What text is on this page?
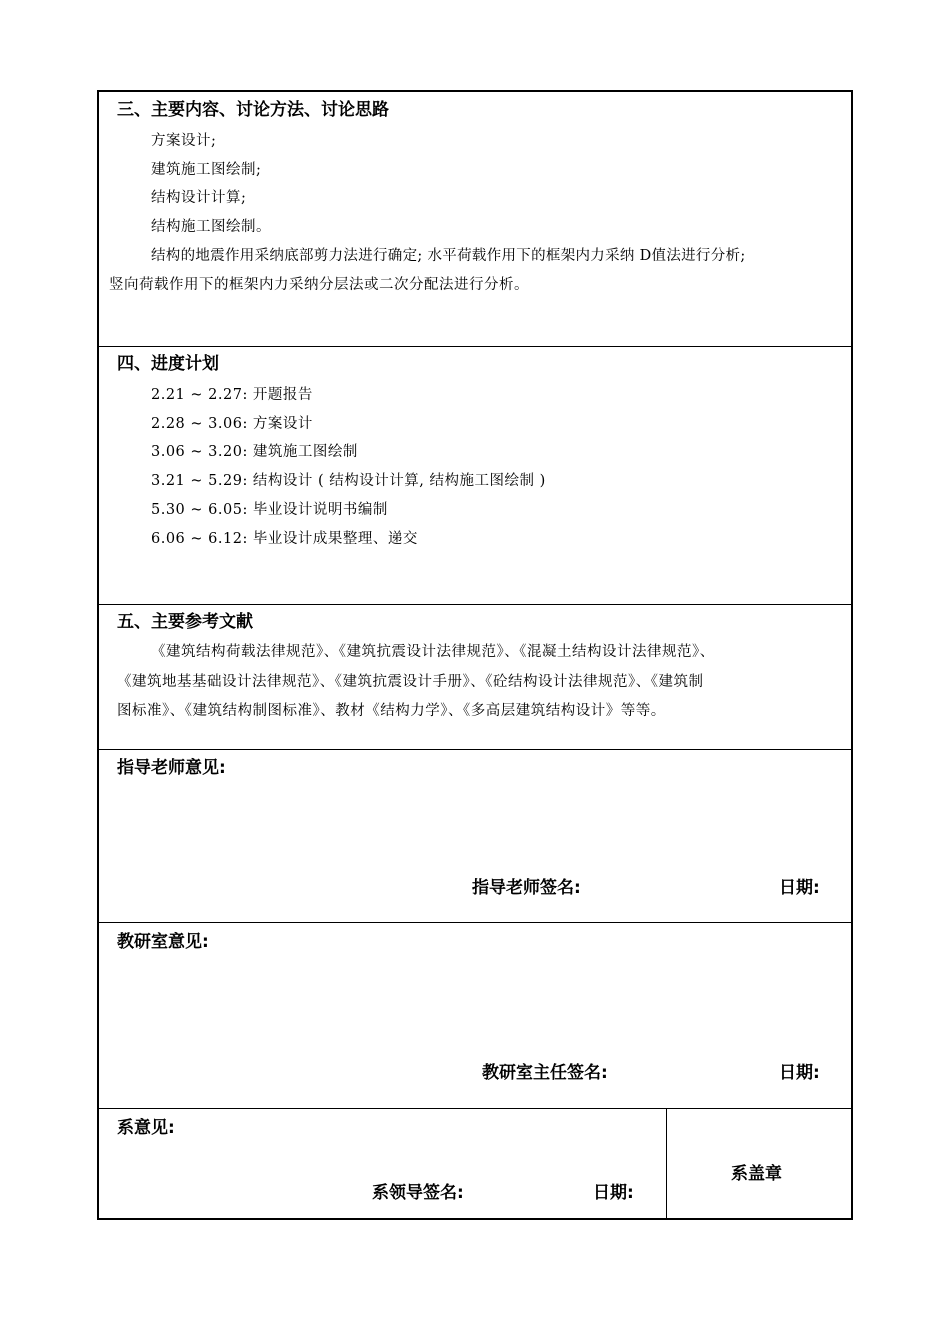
三、主要内容、讨论方法、讨论思路
方案设计;
建筑施工图绘制;
结构设计计算;
结构施工图绘制。
结构的地震作用采纳底部剪力法进行确定; 水平荷载作用下的框架内力采纳 D值法进行分析;
竖向荷载作用下的框架内力采纳分层法或二次分配法进行分析。
四、进度计划
2.21 ~ 2.27: 开题报告
2.28 ~ 3.06: 方案设计
3.06 ~ 3.20: 建筑施工图绘制
3.21 ~ 5.29: 结构设计 ( 结构设计计算, 结构施工图绘制 )
5.30 ~ 6.05: 毕业设计说明书编制
6.06 ~ 6.12: 毕业设计成果整理、递交
五、主要参考文献
《建筑结构荷载法律规范》、《建筑抗震设计法律规范》、《混凝土结构设计法律规范》、
《建筑地基基础设计法律规范》、《建筑抗震设计手册》、《砼结构设计法律规范》、《建筑制
图标准》、《建筑结构制图标准》、教材《结构力学》、《多高层建筑结构设计》等等。
指导老师意见:
指导老师签名:	日期:
教研室意见:
教研室主任签名:	日期:
系意见:
系领导签名:	日期:
系盖章
